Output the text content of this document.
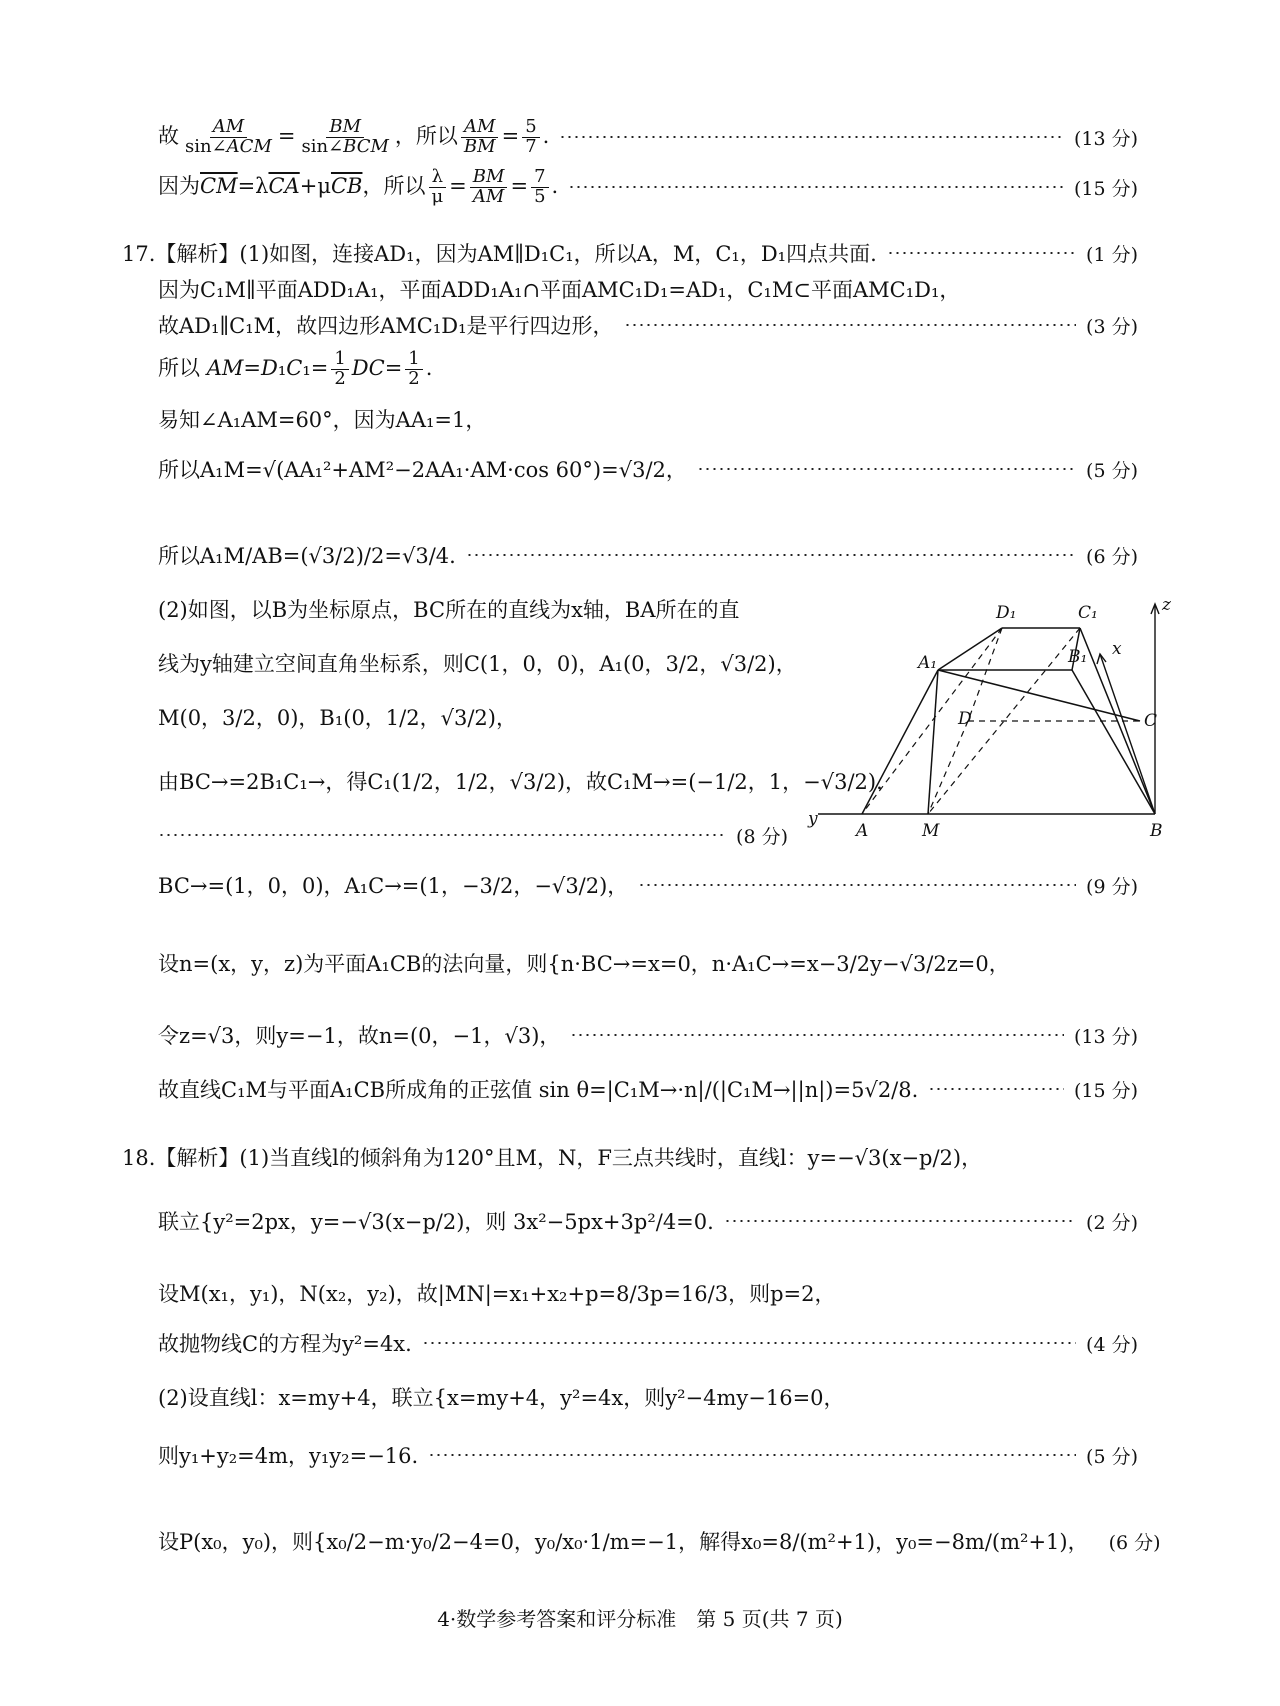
故 $\frac{AM}{\text{sin∠ACM}} = \frac{BM}{\text{sin∠BCM}}$ ，所以 $\frac{AM}{BM} = \frac{5}{7}$ .	(13 分)
因为$\overline{CM}=\lambda\overline{CA}+\mu\overline{CB}$，所以 $\frac{\lambda}{\mu} = \frac{BM}{AM} = \frac{7}{5}$ .	(15 分)
17.【解析】(1)如图，连接AD₁，因为AM∥D₁C₁，所以A，M，C₁，D₁四点共面.	(1 分)
因为C₁M∥平面ADD₁A₁，平面ADD₁A₁∩平面AMC₁D₁=AD₁，C₁M⊂平面AMC₁D₁，
故AD₁∥C₁M，故四边形AMC₁D₁是平行四边形，	(3 分)
所以 $AM=D_1C_1= \frac{1}{2} DC= \frac{1}{2}$ .
易知∠A₁AM=60°，因为AA₁=1，
所以A₁M=√(AA₁²+AM²−2AA₁·AM·cos 60°)=√3/2，	(5 分)
所以A₁M/AB=(√3/2)/2=√3/4.	(6 分)
(2)如图，以B为坐标原点，BC所在的直线为x轴，BA所在的直
线为y轴建立空间直角坐标系，则C(1，0，0)，A₁(0，3/2，√3/2)，
M(0，3/2，0)，B₁(0，1/2，√3/2)，
由BC→=2B₁C₁→，得C₁(1/2，1/2，√3/2)，故C₁M→=(−1/2，1，−√3/2).
(8 分)
D₁	C₁
A₁	B₁
D	C
A	M	B
x
y
z
BC→=(1，0，0)，A₁C→=(1，−3/2，−√3/2)，	(9 分)
设n=(x，y，z)为平面A₁CB的法向量，则{n·BC→=x=0，n·A₁C→=x−3/2y−√3/2z=0，
令z=√3，则y=−1，故n=(0，−1，√3)，	(13 分)
故直线C₁M与平面A₁CB所成角的正弦值 sin θ=|C₁M→·n|/(|C₁M→||n|)=5√2/8.	(15 分)
18.【解析】(1)当直线l的倾斜角为120°且M，N，F三点共线时，直线l：y=−√3(x−p/2)，
联立{y²=2px，y=−√3(x−p/2)，则 3x²−5px+3p²/4=0.	(2 分)
设M(x₁，y₁)，N(x₂，y₂)，故|MN|=x₁+x₂+p=8/3p=16/3，则p=2，
故抛物线C的方程为y²=4x.	(4 分)
(2)设直线l：x=my+4，联立{x=my+4，y²=4x，则y²−4my−16=0，
则y₁+y₂=4m，y₁y₂=−16.	(5 分)
设P(x₀，y₀)，则{x₀/2−m·y₀/2−4=0，y₀/x₀·1/m=−1，解得x₀=8/(m²+1)，y₀=−8m/(m²+1)， (6 分)
4·数学参考答案和评分标准　第 5 页(共 7 页)
